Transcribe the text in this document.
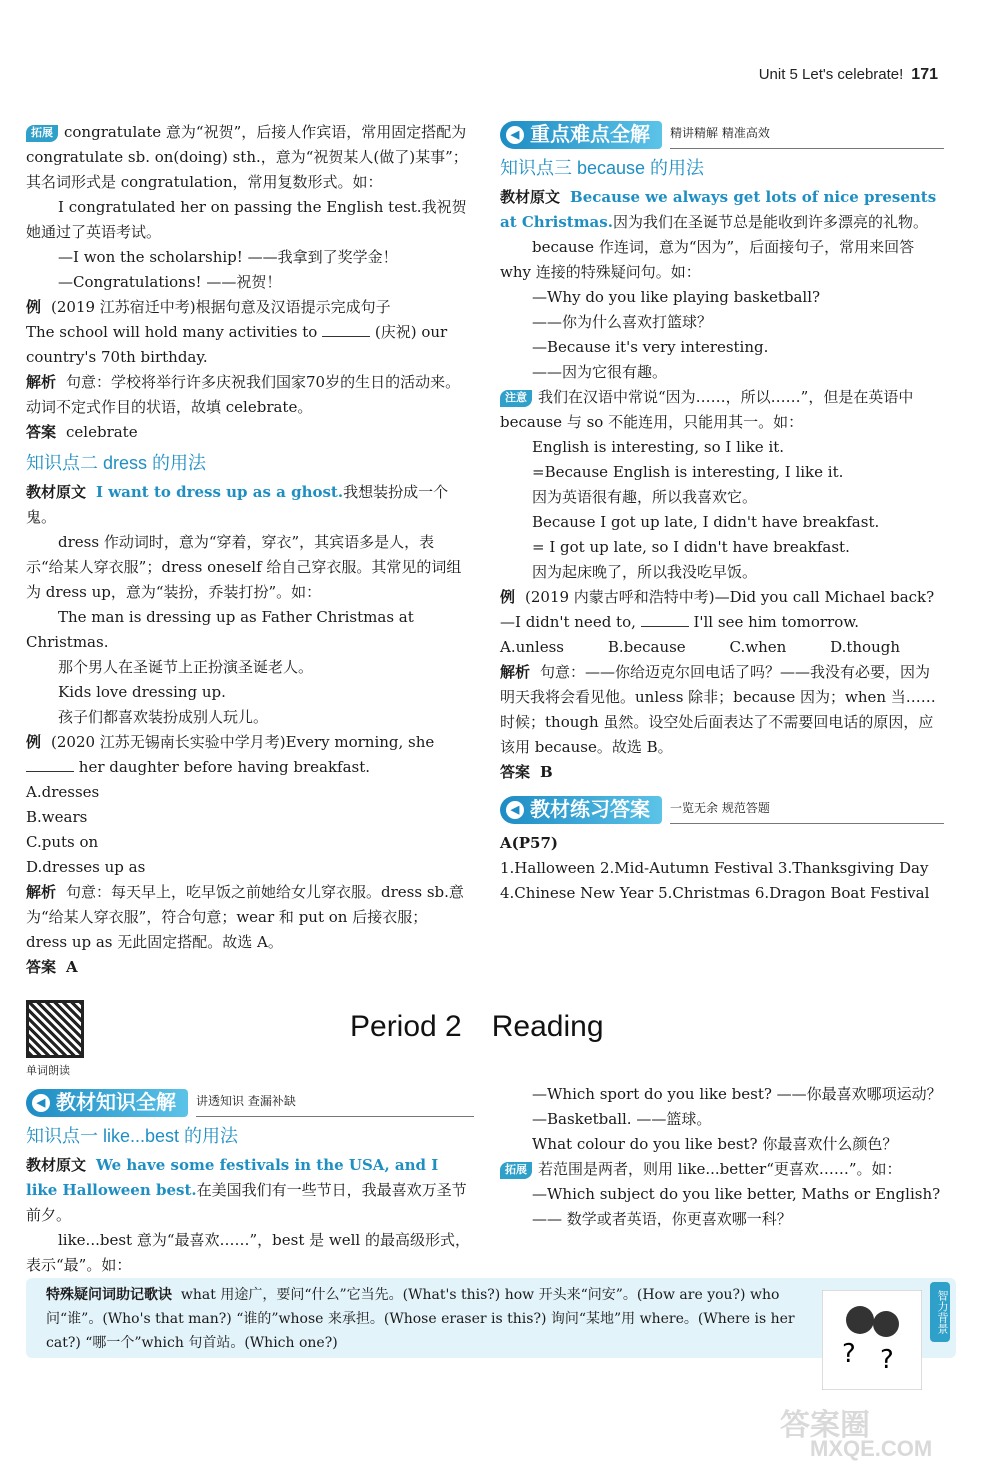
Unit 5 Let's celebrate! 171

拓展 congratulate 意为“祝贺”，后接人作宾语，常用固定搭配为congratulate sb. on(doing) sth.，意为“祝贺某人(做了)某事”；其名词形式是 congratulation，常用复数形式。如：

I congratulated her on passing the English test.我祝贺她通过了英语考试。

—I won the scholarship! ——我拿到了奖学金！

—Congratulations! ——祝贺！

例 (2019 江苏宿迁中考)根据句意及汉语提示完成句子

The school will hold many activities to	(庆祝) our country's 70th birthday.

解析 句意：学校将举行许多庆祝我们国家70岁的生日的活动来。动词不定式作目的状语，故填 celebrate。

答案 celebrate

知识点二 dress 的用法

教材原文 I want to dress up as a ghost.我想装扮成一个鬼。

dress 作动词时，意为“穿着，穿衣”，其宾语多是人，表示“给某人穿衣服”；dress oneself 给自己穿衣服。其常见的词组为 dress up，意为“装扮，乔装打扮”。如：

The man is dressing up as Father Christmas at Christmas.

那个男人在圣诞节上正扮演圣诞老人。

Kids love dressing up.

孩子们都喜欢装扮成别人玩儿。

例 (2020 江苏无锡南长实验中学月考)Every morning, she

her daughter before having breakfast.

A.dresses

B.wears

C.puts on

D.dresses up as

解析 句意：每天早上，吃早饭之前她给女儿穿衣服。dress sb.意为“给某人穿衣服”，符合句意；wear 和 put on 后接衣服；dress up as 无此固定搭配。故选 A。

答案 A

◀ 重点难点全解 精讲精解 精准高效
知识点三 because 的用法

教材原文 Because we always get lots of nice presents at Christmas.因为我们在圣诞节总是能收到许多漂亮的礼物。

because 作连词，意为“因为”，后面接句子，常用来回答 why 连接的特殊疑问句。如：

—Why do you like playing basketball?

——你为什么喜欢打篮球？

—Because it's very interesting.

——因为它很有趣。

注意 我们在汉语中常说“因为……，所以……”，但是在英语中 because 与 so 不能连用，只能用其一。如：

English is interesting, so I like it.

=Because English is interesting, I like it.

因为英语很有趣，所以我喜欢它。

Because I got up late, I didn't have breakfast.

= I got up late, so I didn't have breakfast.

因为起床晚了，所以我没吃早饭。

例 (2019 内蒙古呼和浩特中考)—Did you call Michael back?

—I didn't need to,	I'll see him tomorrow.

A.unless	B.because	C.when	D.though

解析 句意：——你给迈克尔回电话了吗？——我没有必要，因为明天我将会看见他。unless 除非；because 因为；when 当……时候；though 虽然。设空处后面表达了不需要回电话的原因，应该用 because。故选 B。

答案 B

◀ 教材练习答案 一览无余 规范答题

A(P57)

1.Halloween 2.Mid-Autumn Festival 3.Thanksgiving Day

4.Chinese New Year 5.Christmas 6.Dragon Boat Festival

单词朗读
Period 2 Reading
◀ 教材知识全解 讲透知识 查漏补缺
知识点一 like...best 的用法

教材原文 We have some festivals in the USA, and I like Halloween best.在美国我们有一些节日，我最喜欢万圣节前夕。

like...best 意为“最喜欢……”，best 是 well 的最高级形式，表示“最”。如：

—Which sport do you like best? ——你最喜欢哪项运动？

—Basketball. ——篮球。

What colour do you like best? 你最喜欢什么颜色？

拓展 若范围是两者，则用 like...better“更喜欢……”。如：

—Which subject do you like better, Maths or English?

—— 数学或者英语，你更喜欢哪一科？

特殊疑问词助记歌诀 what 用途广，要问“什么”它当先。(What's this?) how 开头来“问安”。(How are you?) who 问“谁”。(Who's that man?) “谁的”whose 来承担。(Whose eraser is this?) 询问“某地”用 where。(Where is her cat?) “哪一个”which 句首站。(Which one?)
智力背景
? ?
答案圈
MXQE.COM
